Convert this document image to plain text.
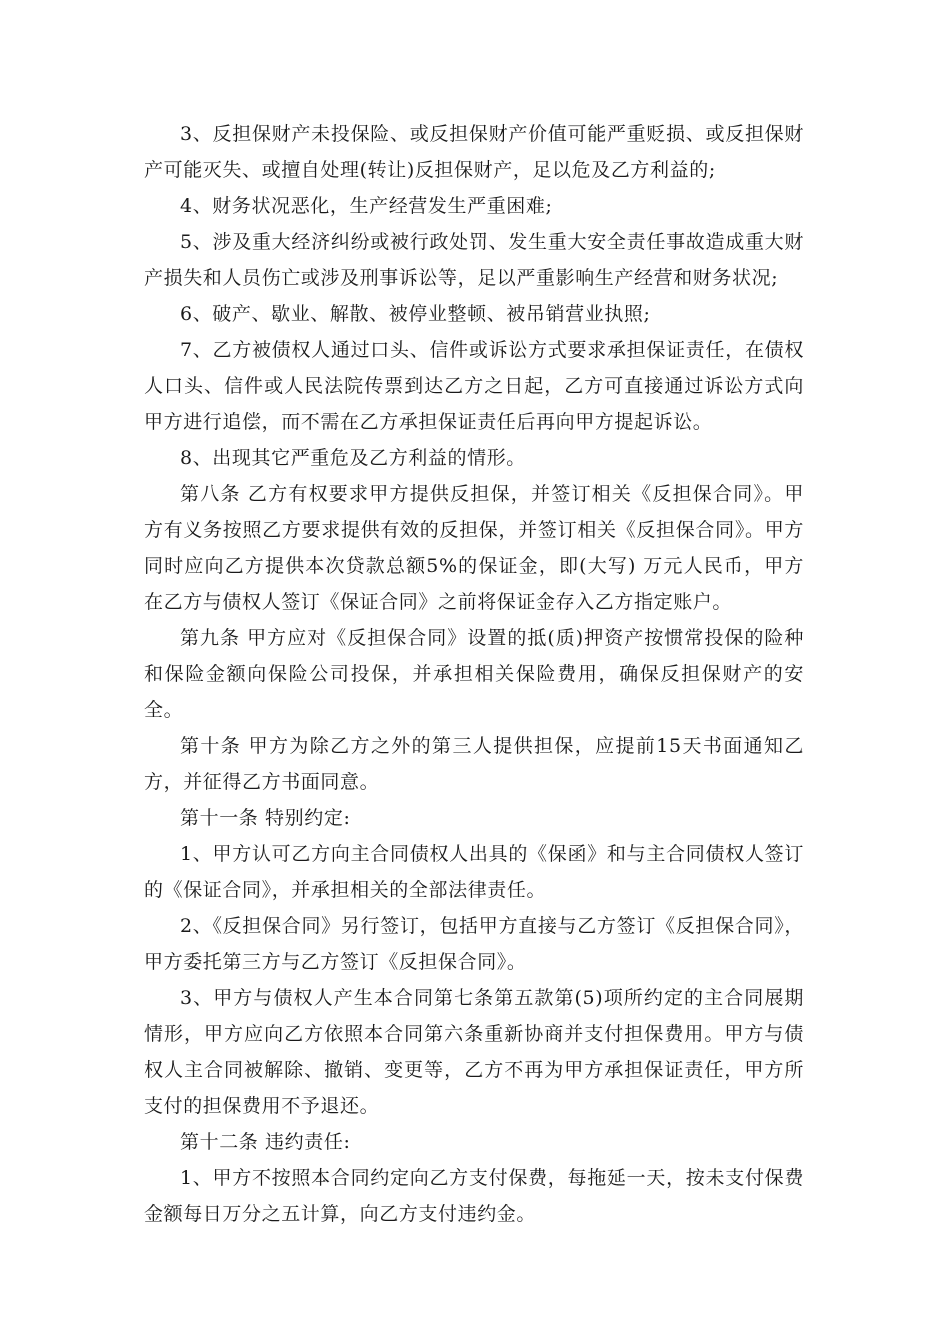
3、反担保财产未投保险、或反担保财产价值可能严重贬损、或反担保财产可能灭失、或擅自处理(转让)反担保财产，足以危及乙方利益的;

4、财务状况恶化，生产经营发生严重困难;

5、涉及重大经济纠纷或被行政处罚、发生重大安全责任事故造成重大财产损失和人员伤亡或涉及刑事诉讼等，足以严重影响生产经营和财务状况;

6、破产、歇业、解散、被停业整顿、被吊销营业执照;

7、乙方被债权人通过口头、信件或诉讼方式要求承担保证责任，在债权人口头、信件或人民法院传票到达乙方之日起，乙方可直接通过诉讼方式向甲方进行追偿，而不需在乙方承担保证责任后再向甲方提起诉讼。

8、出现其它严重危及乙方利益的情形。

第八条 乙方有权要求甲方提供反担保，并签订相关《反担保合同》。甲方有义务按照乙方要求提供有效的反担保，并签订相关《反担保合同》。甲方同时应向乙方提供本次贷款总额5%的保证金，即(大写) 万元人民币，甲方在乙方与债权人签订《保证合同》之前将保证金存入乙方指定账户。

第九条 甲方应对《反担保合同》设置的抵(质)押资产按惯常投保的险种和保险金额向保险公司投保，并承担相关保险费用，确保反担保财产的安全。

第十条 甲方为除乙方之外的第三人提供担保，应提前15天书面通知乙方，并征得乙方书面同意。

第十一条 特别约定:

1、甲方认可乙方向主合同债权人出具的《保函》和与主合同债权人签订的《保证合同》，并承担相关的全部法律责任。

2、《反担保合同》另行签订，包括甲方直接与乙方签订《反担保合同》，甲方委托第三方与乙方签订《反担保合同》。

3、甲方与债权人产生本合同第七条第五款第(5)项所约定的主合同展期情形，甲方应向乙方依照本合同第六条重新协商并支付担保费用。甲方与债权人主合同被解除、撤销、变更等，乙方不再为甲方承担保证责任，甲方所支付的担保费用不予退还。

第十二条 违约责任:

1、甲方不按照本合同约定向乙方支付保费，每拖延一天，按未支付保费金额每日万分之五计算，向乙方支付违约金。
